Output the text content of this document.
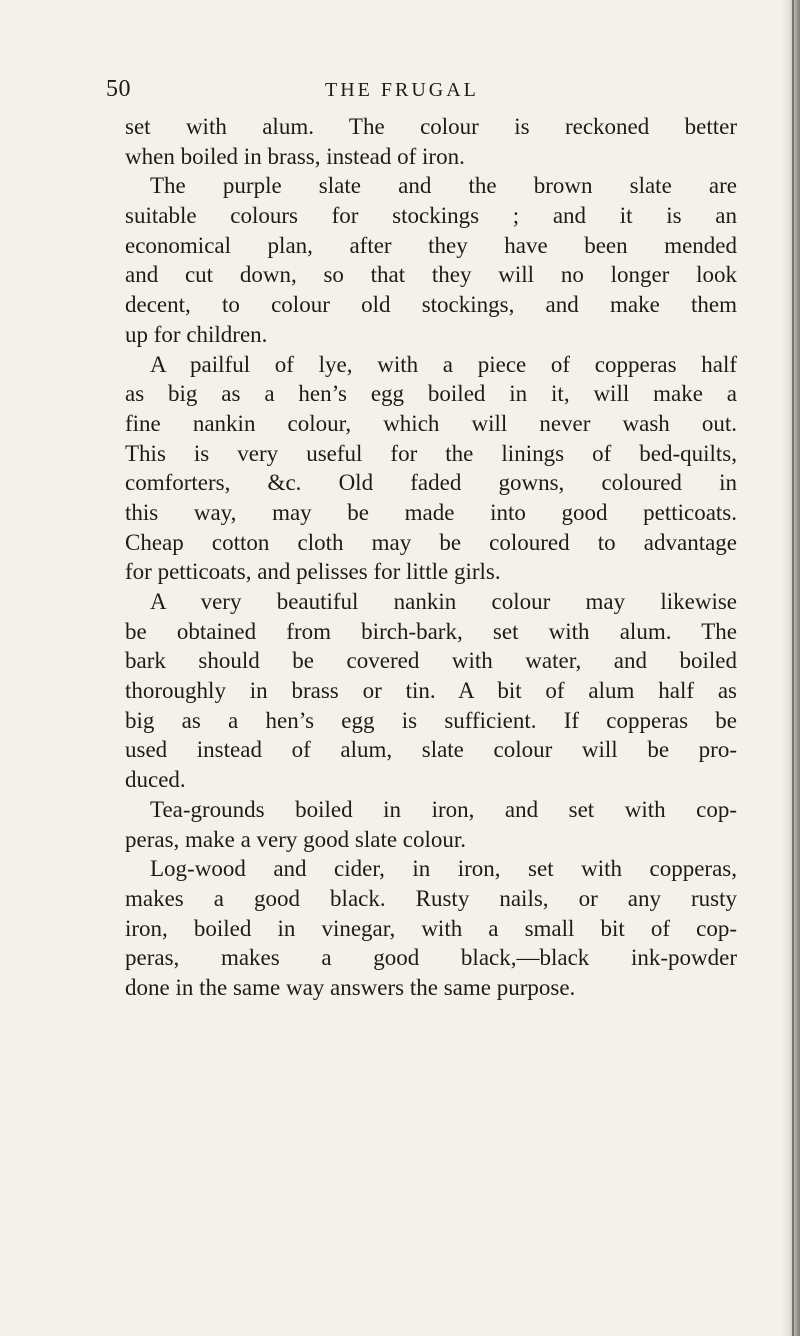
50	THE FRUGAL
set with alum. The colour is reckoned better
when boiled in brass, instead of iron.
The purple slate and the brown slate are
suitable colours for stockings ; and it is an
economical plan, after they have been mended
and cut down, so that they will no longer look
decent, to colour old stockings, and make them
up for children.
A pailful of lye, with a piece of copperas half
as big as a hen’s egg boiled in it, will make a
fine nankin colour, which will never wash out.
This is very useful for the linings of bed-quilts,
comforters, &c. Old faded gowns, coloured in
this way, may be made into good petticoats.
Cheap cotton cloth may be coloured to advantage
for petticoats, and pelisses for little girls.
A very beautiful nankin colour may likewise
be obtained from birch-bark, set with alum. The
bark should be covered with water, and boiled
thoroughly in brass or tin. A bit of alum half as
big as a hen’s egg is sufficient. If copperas be
used instead of alum, slate colour will be pro-
duced.
Tea-grounds boiled in iron, and set with cop-
peras, make a very good slate colour.
Log-wood and cider, in iron, set with copperas,
makes a good black. Rusty nails, or any rusty
iron, boiled in vinegar, with a small bit of cop-
peras, makes a good black,—black ink-powder
done in the same way answers the same purpose.
